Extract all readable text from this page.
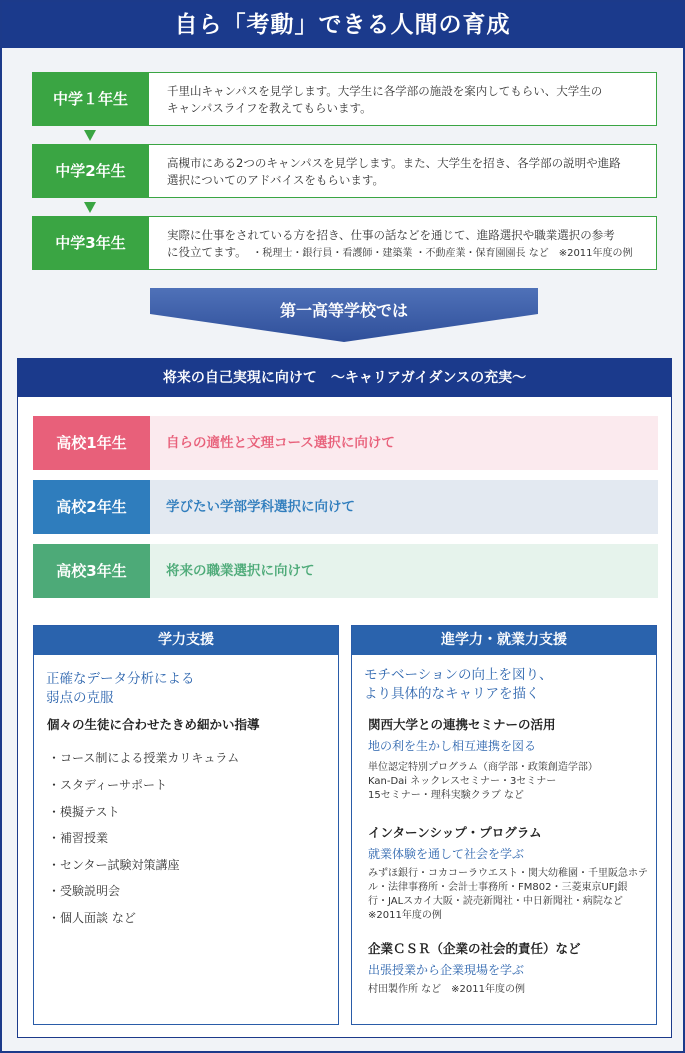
自ら「考動」できる人間の育成
中学１年生	千里山キャンパスを見学します。大学生に各学部の施設を案内してもらい、大学生の
キャンパスライフを教えてもらいます。
中学2年生	高槻市にある2つのキャンパスを見学します。また、大学生を招き、各学部の説明や進路
選択についてのアドバイスをもらいます。
中学3年生	実際に仕事をされている方を招き、仕事の話などを通じて、進路選択や職業選択の参考
に役立てます。　 ・税理士・銀行員・看護師・建築業 ・不動産業・保育園園長 など　※2011年度の例
第一高等学校では
将来の自己実現に向けて　～キャリアガイダンスの充実～
高校1年生	自らの適性と文理コース選択に向けて
高校2年生	学びたい学部学科選択に向けて
高校3年生	将来の職業選択に向けて
学力支援
正確なデータ分析による
弱点の克服
個々の生徒に合わせたきめ細かい指導
・コース制による授業カリキュラム
・スタディーサポート
・模擬テスト
・補習授業
・センター試験対策講座
・受験説明会
・個人面談 など
進学力・就業力支援
モチベーションの向上を図り、
より具体的なキャリアを描く
関西大学との連携セミナーの活用
地の利を生かし相互連携を図る
単位認定特別プログラム（商学部・政策創造学部）
Kan-Dai ネックレスセミナー・3セミナー
15セミナー・理科実験クラブ など
インターンシップ・プログラム
就業体験を通して社会を学ぶ
みずほ銀行・コカコーラウエスト・関大幼稚園・千里阪急ホテ
ル・法律事務所・会計士事務所・FM802・三菱東京UFJ銀
行・JALスカイ大阪・読売新聞社・中日新聞社・病院など
※2011年度の例
企業ＣＳＲ（企業の社会的責任）など
出張授業から企業現場を学ぶ
村田製作所 など　※2011年度の例
